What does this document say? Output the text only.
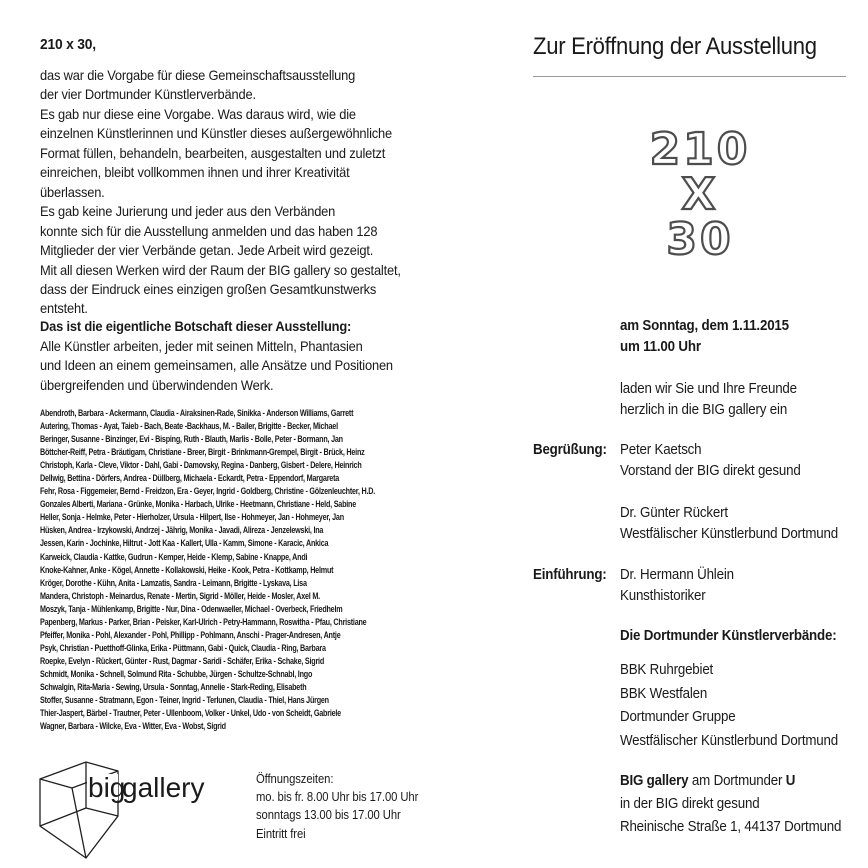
210 x 30,
das war die Vorgabe für diese Gemeinschaftsausstellung
der vier Dortmunder Künstlerverbände.
Es gab nur diese eine Vorgabe. Was daraus wird, wie die
einzelnen Künstlerinnen und Künstler dieses außergewöhnliche
Format füllen, behandeln, bearbeiten, ausgestalten und zuletzt
einreichen, bleibt vollkommen ihnen und ihrer Kreativität
überlassen.
Es gab keine Jurierung und jeder aus den Verbänden
konnte sich für die Ausstellung anmelden und das haben 128
Mitglieder der vier Verbände getan. Jede Arbeit wird gezeigt.
Mit all diesen Werken wird der Raum der BIG gallery so gestaltet,
dass der Eindruck eines einzigen großen Gesamtkunstwerks
entsteht.
Das ist die eigentliche Botschaft dieser Ausstellung:
Alle Künstler arbeiten, jeder mit seinen Mitteln, Phantasien
und Ideen an einem gemeinsamen, alle Ansätze und Positionen
übergreifenden und überwindenden Werk.
Abendroth, Barbara - Ackermann, Claudia - Airaksinen-Rade, Sinikka - Anderson Williams, Garrett
Autering, Thomas - Ayat, Taieb - Bach, Beate -Backhaus, M. - Bailer, Brigitte - Becker, Michael
Beringer, Susanne - Binzinger, Evi - Bisping, Ruth - Blauth, Marlis - Bolle, Peter - Bormann, Jan
Böttcher-Reiff, Petra - Bräutigam, Christiane - Breer, Birgit - Brinkmann-Grempel, Birgit - Brück, Heinz
Christoph, Karla - Cleve, Viktor - Dahl, Gabi - Damovsky, Regina - Danberg, Gisbert - Delere, Heinrich
Dellwig, Bettina - Dörfers, Andrea - Düllberg, Michaela - Eckardt, Petra - Eppendorf, Margareta
Fehr, Rosa - Figgemeier, Bernd - Freidzon, Era - Geyer, Ingrid - Goldberg, Christine - Gölzenleuchter, H.D.
Gonzales Alberti, Mariana - Grünke, Monika - Harbach, Ulrike - Heetmann, Christiane - Held, Sabine
Heller, Sonja - Helmke, Peter - Hierholzer, Ursula - Hilpert, Ilse - Hohmeyer, Jan - Hohmeyer, Jan
Hüsken, Andrea - Irzykowski, Andrzej - Jährig, Monika - Javadi, Alireza - Jenzelewski, Ina
Jessen, Karin - Jochinke, Hiltrut - Jott Kaa - Kallert, Ulla - Kamm, Simone - Karacic, Ankica
Karweick, Claudia - Kattke, Gudrun - Kemper, Heide - Klemp, Sabine - Knappe, Andi
Knoke-Kahner, Anke - Kögel, Annette - Kollakowski, Heike - Kook, Petra - Kottkamp, Helmut
Kröger, Dorothe - Kühn, Anita - Lamzatis, Sandra - Leimann, Brigitte - Lyskava, Lisa
Mandera, Christoph - Meinardus, Renate - Mertin, Sigrid - Möller, Heide - Mosler, Axel M.
Moszyk, Tanja - Mühlenkamp, Brigitte - Nur, Dina - Odenwaeller, Michael - Overbeck, Friedhelm
Papenberg, Markus - Parker, Brian - Peisker, Karl-Ulrich - Petry-Hammann, Roswitha - Pfau, Christiane
Pfeiffer, Monika - Pohl, Alexander - Pohl, Phillipp - Pohlmann, Anschi - Prager-Andresen, Antje
Psyk, Christian - Puetthoff-Glinka, Erika - Püttmann, Gabi - Quick, Claudia - Ring, Barbara
Roepke, Evelyn - Rückert, Günter - Rust, Dagmar - Saridi - Schäfer, Erika - Schake, Sigrid
Schmidt, Monika - Schnell, Solmund Rita - Schubbe, Jürgen - Schultze-Schnabl, Ingo
Schwalgin, Rita-Maria - Sewing, Ursula - Sonntag, Annelie - Stark-Reding, Elisabeth
Stoffer, Susanne - Stratmann, Egon - Teiner, Ingrid - Terlunen, Claudia - Thiel, Hans Jürgen
Thier-Jaspert, Bärbel - Trautner, Peter - Ullenboom, Volker - Unkel, Udo - von Scheidt, Gabriele
Wagner, Barbara - Wilcke, Eva - Witter, Eva - Wobst, Sigrid
big
gallery	Öffnungszeiten:
mo. bis fr. 8.00 Uhr bis 17.00 Uhr
sonntags 13.00 bis 17.00 Uhr
Eintritt frei
Zur Eröffnung der Ausstellung
210
X
30
am Sonntag, dem 1.11.2015
um 11.00 Uhr
laden wir Sie und Ihre Freunde
herzlich in die BIG gallery ein
Begrüßung: Peter Kaetsch
Vorstand der BIG direkt gesund
Dr. Günter Rückert
Westfälischer Künstlerbund Dortmund
Einführung: Dr. Hermann Ühlein
Kunsthistoriker
Die Dortmunder Künstlerverbände:
BBK Ruhrgebiet
BBK Westfalen
Dortmunder Gruppe
Westfälischer Künstlerbund Dortmund
BIG gallery am Dortmunder U
in der BIG direkt gesund
Rheinische Straße 1, 44137 Dortmund
